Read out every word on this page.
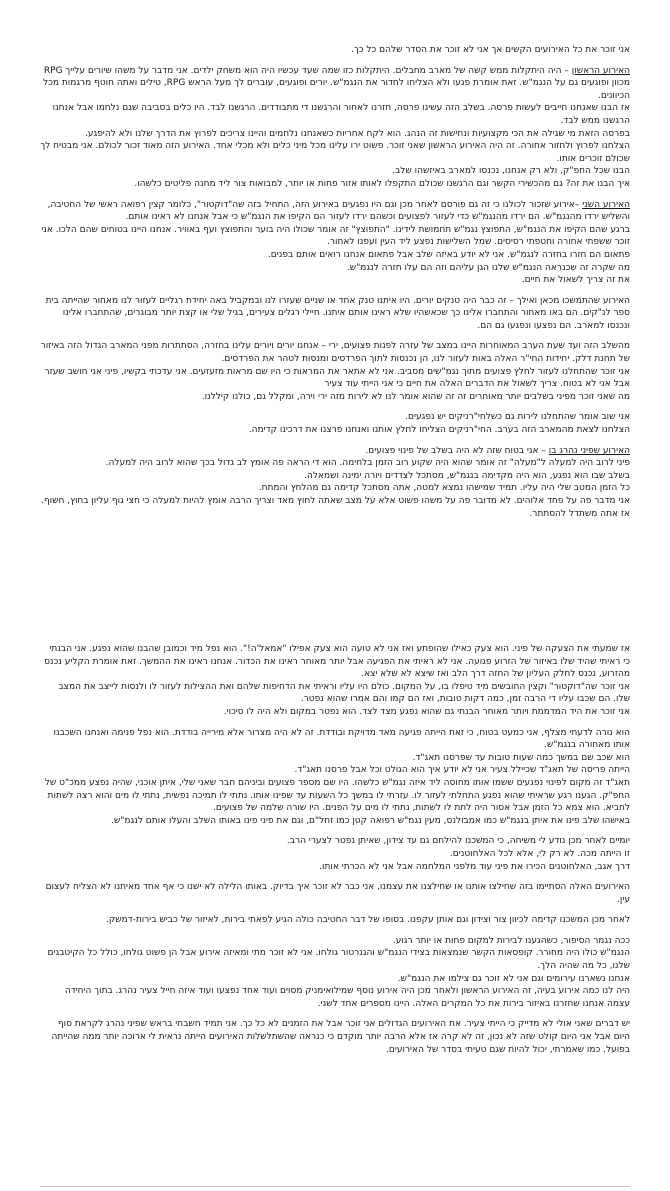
אני זוכר את כל האירועים הקשים אך אני לא זוכר את הסדר שלהם כל כך.

האירוע הראשון – היה היתקלות ממש קשה של מארב מחבלים. היתקלות כזו שמה שעד עכשיו היה הוא משחק ילדים. אני מדבר על משהו שיורים עלייך RPG מכוון ופוגעים גם על הנגמ"ש. זאת אומרת פגעו ולא הצליחו לחדור את הנגמ"ש. יורים ופוגעים, עוברים לך מעל הראש RPG, טילים ואתה חוטף מרגמות מכל הכיוונים.

אז הבנו שאנחנו חייבים לעשות פרסה. בשלב הזה עשינו פרסה, חזרנו לאחור והרגשנו די מתבודדים. הרגשנו לבד. היו כלים בסביבה שגם נלחמו אבל אנחנו הרגשנו ממש לבד.

בפרסה הזאת מי שגילה את הכי מקצועיות ונחישות זה הנהג. הוא לקח אחריות כשאנחנו נלחמים והיינו צריכים לפרוץ את הדרך שלנו ולא להיפגע.

הצלחנו לפרוץ ולחזור אחורה. זה היה האירוע הראשון שאני זוכר. פשוט ירו עלינו מכל מיני כלים ולא מכלי אחד. האירוע הזה מאוד זכור לכולם. אני מבטיח לך שכולם זוכרים אותו.

הבנו שכל החפ"ק, ולא רק אנחנו, נכנסו למארב באיזשהו שלב.

איך הבנו את זה? גם מהכשירי הקשר וגם הרגשנו שכולם התקפלו לאותו אזור פחות או יותר, למבואות צור ליד מחנה פליטים כלשהו.

האירוע השני –אירוע שזכור לכולנו כי זה גם פורסם לאחר מכן וגם היו נפגעים באירוע הזה, התחיל בזה שה"דוקטור", כלומר קצין רפואה ראשי של החטיבה, והשליש ירדו מהנגמ"ש. הם ירדו מהנגמ"ש כדי לעזור לפצועים וכשהם ירדו לעזור הם הקיפו את הנגמ"ש כי אבל אנחנו לא ראינו אותם.

ברגע שהם הקיפו את הנגמ"ש, התפוצץ נגמ"ש תחמושת לידינו. "התפוצץ" זה אומר שכולו היה בוער והתפוצץ ועף באוויר. אנחנו היינו בטוחים שהם הלכו. אני זוכר ששפתי אחורה וחטפתי רסיסים. שמל השלישות נפצע ליד העין ועפנו לאחור.

פתאום הם חזרו בחזרה לנגמ"ש. אני לא יודע באיזה שלב אבל פתאום אנחנו רואים אותם בפנים.

מה שקרה זה שכנראה הנגמ"ש שלנו הגן עליהם וזה הם עלו חזרה לנגמ"ש.

את זה צריך לשאול את חיים.

האירוע שהתמשכו מכאן ואילך – זה כבר היה טנקים יורים. היו איתנו טנק אחד או שניים שעזרו לנו ובמקביל באה יחידת רגליים לעזור לנו מאחור שהייתה בית ספר לנ"קים. הם באו מאחור והתחברו אלינו כך שכאשהיו שלא ראינו אותם איתנו. חיילי רגלים צעירים, בגיל שלי או קצת יותר מבוגרים, שהתחברו אלינו ונכנסו למארב. הם נפצעו ונפגעו גם הם.

מהשלב הזה ועד שעת הערב המאוחרות היינו במצב של עזרה לפנות פצועים, ירי – אנחנו יורים ויורים עלינו בחזרה, הסתתרות מפני המארב הגדול הזה באיזור של תחנת דלק. יחידות החי"ר האלה באות לעזור לנו, הן נכנסות לתוך הפרדסים ומנסות לטהר את הפרדסים.

אני זוכר שהתחלנו לעזור לחלץ פצועים מתוך נגמ"שים מסביב. אני לא אתאר את המראות כי היו שם מראות מזעזעים. אני עדכתי בקשיו, פיני אני חושב שעזר אבל אני לא בטוח. צריך לשאול את הדברים האלה את חיים כי אני הייתי עוד צעיר

מה שאני זוכר מפיני בשלבים יותר מאוחרים זה זה שהוא אומר לנו לא לירות מזה ירי וירה, ומקלל גם, כולנו קיללנו.

אני שוב אומר שהתחלנו לירות גם כשלחי"רניקים יש נפגעים.

הצלחנו לצאת מהמארב הזה בערב. החי"רניקים הצליחו לחלץ אותנו ואנחנו פרצנו את דרכינו קדימה.

האירוע שפיני נהרג בו – אני בטוח שזה לא היה בשלב של פינוי פצועים.

פיני לרוב היה למעלה ל"מעלה" זה אומר שהוא היה שקוע רוב הזמן בלחימה. הוא די הראה פה אומץ לב גדול בכך שהוא לרוב היה למעלה.

בשלב שבו הוא נפגע, הוא היה מקדימה בנגמ"ש, מסתכל לצדדים ויורה ימינה ושמאלה.

כל הזמן המטב שלי היה עליו. תמיד שמישהו נמצא למטה, אתה מסתכל קדימה גם מהלחץ והמתח.

אני מדבר פה על פחד אלוהים. לא מדובר פה על משהו פשוט אלא על מצב שאתה לחוץ מאד וצריך הרבה אומץ להיות למעלה כי חצי גוף עליון בחוץ, חשוף. אז אתה משתדל להסתתר.

אז שמעתי את הצעקה של פיני. הוא צעק כאילו שהופתע ואז אני לא טועה הוא צעק אפילו "אמאל'ה!". הוא נפל מיד וכמובן שהבנו שהוא נפגע. אני הבנתי כי ראיתי שהיד שלו באיזור של הזרוע פגועה. אני לא ראיתי את הפגיעה אבל יותר מאוחר ראינו את הכדור. אנחנו ראינו את ההמשך. זאת אומרת הקליע נכנס מהזרוע, נכנס לחלק העליון של החזה דרך הלב ואז שיצא לא שלא יצא.

אני זוכר שה"דוקטור" וקצין החובשים מיד טיפלו בו, על המקום. כולם היו עליו וראיתי את הדחיפות שלהם ואת ההצילות לעזור לו ולנסות לייצב את המצב שלו. הם שכבו עליו די הרבה זמן, כמה דקות טובות, ואז הם קמו והם אמרו שהוא נפטר.

אני זוכר את היד המדממת ויותר מאוחר הבנתי גם שהוא נפגע מצד לצד. הוא נפטר במקום ולא היה לו סיכוי.

הוא נורה לדעתי מצלף, אני כמעט בטוח, כי זאת הייתה פגיעה מאד מדויקת ובודדת. זה לא היה מצרור אלא מירייה בודדת. הוא נפל פנימה ואנחנו השכבנו אותו מאחורה בנגמ"ש.

הוא שכב שם במשך כמה שעות טובות עד שפרסנו תאג"ד.

הייתה פריסה של תאג"ד שכיילל צעיר אני לא יודע איך הוא הגולט וכל אבל פרסנו תאג"ד.

תאג"ד זה מקום לפינוי נפגעים ששמו אותו מחוסה ליד איזה נגמ"ש כלשהו. היו שם מספר פצועים וביניהם חבר שאני שלי, איתן אוכני, שהיה נפצע ממכ"ט של החפ"ק. הגענו רגע שראיתי שהוא נפגע התחלתי לעזור לו. עזרתי לו במשך כל השעות עד שפינו אותו. נתתי לו תמיכה נפשית, נתתי לו מים והוא רצה לשתות לחביא. הוא צמא כל הזמן אבל אסור היה לתת לו לשתות, נתתי לו מים על הפנים. היו שורה שלמה של פצועים.

באישהו שלב פינו את איתן בנגמ"ש כמו אמבולנס, מעין נגמ"ש רפואה קטן כמו זחל"ם, וגם את פיני פינו באותו השלב והעלו אותם לנגמ"ש.

יומיים לאחר מכן נודע לי משיחה, כי המשכנו להילחם גם עד צידון, שאיתן נפטר לצערי הרב.

זו הייתה מכה. לא רק לי, אלא לכל האלחוטנים.

דרך אגב, האלחוטנים הכירו את פיני עוד מלפני המלחמה אבל אני לא הכרתי אותו.

האירועים האלה הסתיימו בזה שחילצו אותנו או שחילצנו את עצמנו, אני כבר לא זוכר איך בדיוק. באותו הלילה לא ישנו כי אף אחד מאיתנו לא הצליח לעצום עין.

לאחר מכן המשכנו קדימה לכיוון צור וצידון וגם אותן עקפנו. בסופו של דבר החטיבה כולה הגיע לפאתי בירות, לאיזור של כביש בירות-דמשק.

ככה נגמר הסיפור, כשהגענו לבירות למקום פחות או יותר רגוע.

הנגמ"ש כולו היה מחורר. קופסאות הקשר שנמצאות בצידי הנגמ"ש והגנרטור גולחו. אני לא זוכר מתי ומאיזה אירוע אבל הן פשוט גולחו, כולל כל הקיטבגים שלנו, כל מה שהיה הלך.

אנחנו נשארנו עירומים וגם אני לא זוכר גם צילמו את הנגמ"ש.

היה לנו כמה אירוע בעיה, זה האירוע הראשון ולאחר מכן היה אירוע נוסף שמילואימניק מסוים ועוד אחד נפצעו ועוד איזה חייל צעיר נהרג. בתוך היחידה עצמה אנחנו שחזרנו באיזור בירות את כל המקרים האלה. היינו מספרים אחד לשני.

יש דברים שאני אולי לא מדייק כי הייתי צעיר. את האירועים הגדולים אני זוכר אבל את הזמנים לא כל כך. אני תמיד חשבתי בראש שפיני נהרג לקראת סוף היום אבל אני היום קולט שזה לא נכון, זה לא קרה אז אלא הרבה יותר מוקדם כי כנראה שהשתלשלות האירועים הייתה נראית לי ארוכה יותר ממה שהייתה בפועל. כמו שאמרתי, יכול להיות שגם טעיתי בסדר של האירועים.
